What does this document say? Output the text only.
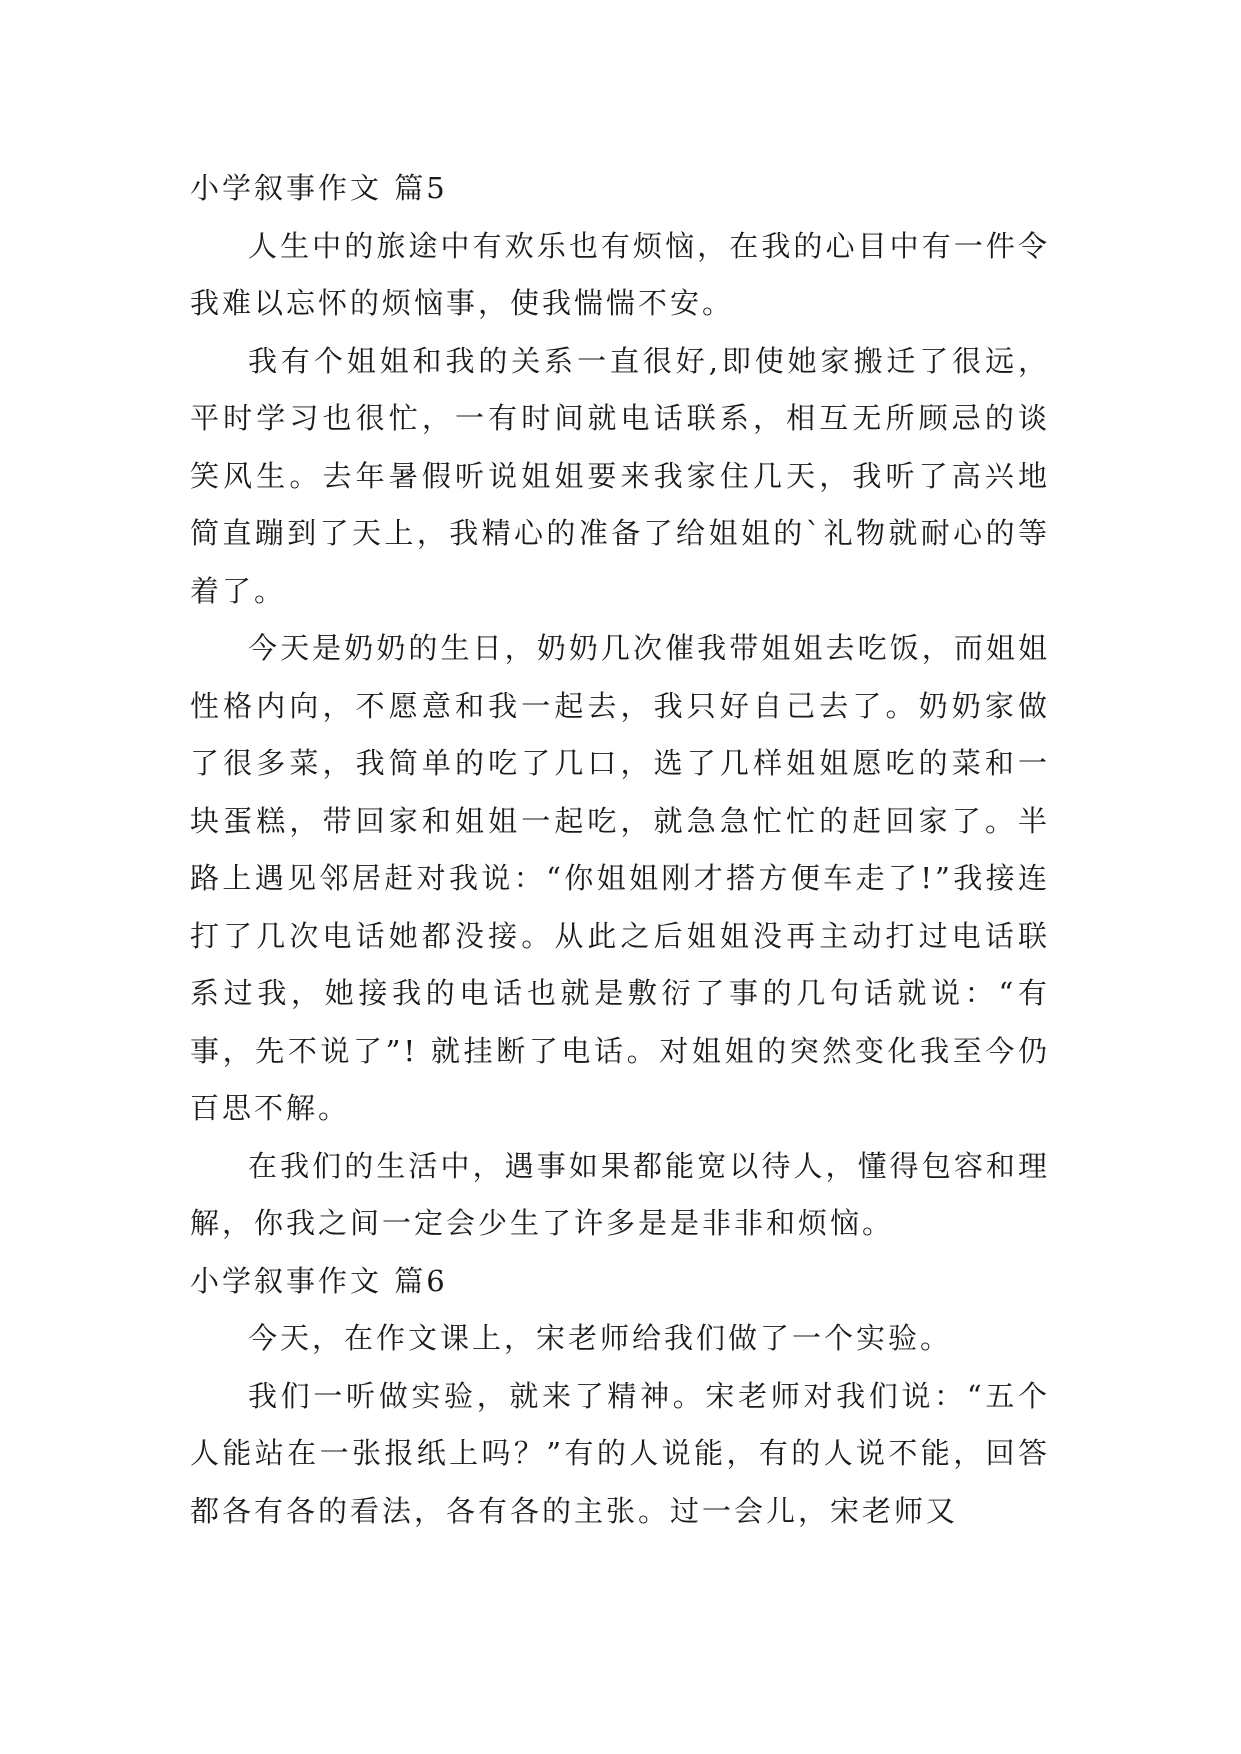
小学叙事作文 篇5

人生中的旅途中有欢乐也有烦恼，在我的心目中有一件令我难以忘怀的烦恼事，使我惴惴不安。

我有个姐姐和我的关系一直很好,即使她家搬迁了很远，平时学习也很忙，一有时间就电话联系，相互无所顾忌的谈笑风生。去年暑假听说姐姐要来我家住几天，我听了高兴地简直蹦到了天上，我精心的准备了给姐姐的`礼物就耐心的等着了。

今天是奶奶的生日，奶奶几次催我带姐姐去吃饭，而姐姐性格内向，不愿意和我一起去，我只好自己去了。奶奶家做了很多菜，我简单的吃了几口，选了几样姐姐愿吃的菜和一块蛋糕，带回家和姐姐一起吃，就急急忙忙的赶回家了。半路上遇见邻居赶对我说：“你姐姐刚才搭方便车走了!”我接连打了几次电话她都没接。从此之后姐姐没再主动打过电话联系过我，她接我的电话也就是敷衍了事的几句话就说：“有事，先不说了”! 就挂断了电话。对姐姐的突然变化我至今仍百思不解。

在我们的生活中，遇事如果都能宽以待人，懂得包容和理解，你我之间一定会少生了许多是是非非和烦恼。

小学叙事作文 篇6

今天，在作文课上，宋老师给我们做了一个实验。

我们一听做实验，就来了精神。宋老师对我们说：“五个人能站在一张报纸上吗？”有的人说能，有的人说不能，回答都各有各的看法，各有各的主张。过一会儿，宋老师又
